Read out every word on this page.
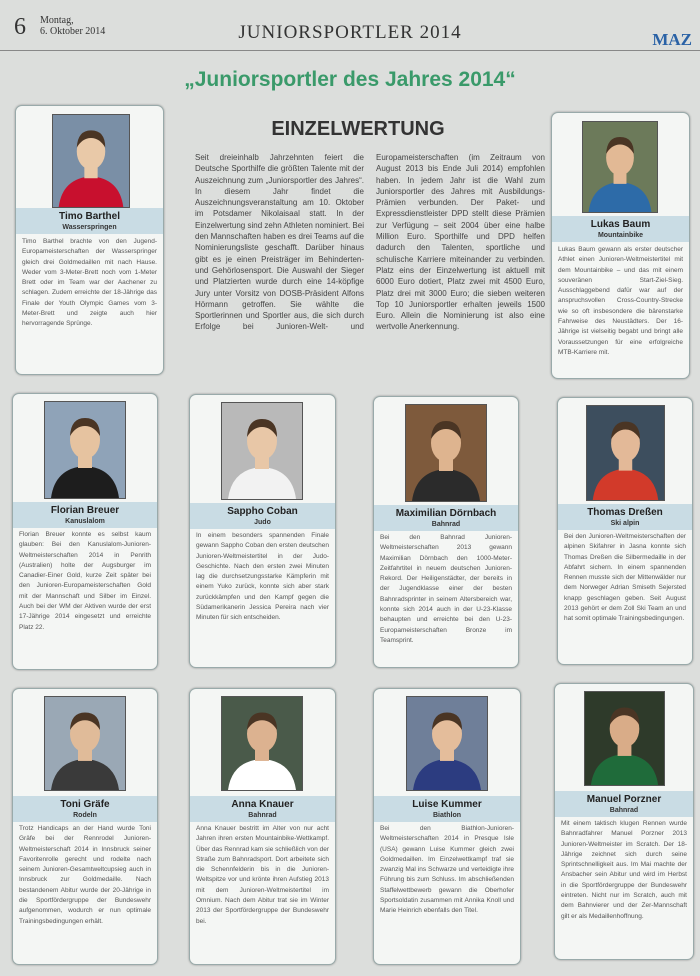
6 Montag,
6. Oktober 2014	JUNIORSPORTLER 2014	MAZ
„Juniorsportler des Jahres 2014“
EINZELWERTUNG

Seit dreieinhalb Jahrzehnten feiert die Deutsche Sporthilfe die größten Talente mit der Auszeichnung zum „Juniorsportler des Jahres“. In diesem Jahr findet die Auszeichnungsveranstaltung am 10. Oktober im Potsdamer Nikolaisaal statt. In der Einzelwertung sind zehn Athleten nominiert. Bei den Mannschaften haben es drei Teams auf die Nominierungsliste geschafft. Darüber hinaus gibt es je einen Preisträger im Behinderten- und Gehörlosensport. Die Auswahl der Sieger und Platzierten wurde durch eine 14-köpfige Jury unter Vorsitz von DOSB-Präsident Alfons Hörmann getroffen. Sie wählte die Sportlerinnen und Sportler aus, die sich durch Erfolge bei Junioren-Welt- und Europameisterschaften (im Zeitraum von August 2013 bis Ende Juli 2014) empfohlen haben. In jedem Jahr ist die Wahl zum Juniorsportler des Jahres mit Ausbildungs-Prämien verbunden. Der Paket- und Expressdienstleister DPD stellt diese Prämien zur Verfügung – seit 2004 über eine halbe Million Euro. Sporthilfe und DPD helfen dadurch den Talenten, sportliche und schulische Karriere miteinander zu verbinden. Platz eins der Einzelwertung ist aktuell mit 6000 Euro dotiert, Platz zwei mit 4500 Euro, Platz drei mit 3000 Euro; die sieben weiteren Top 10 Juniorsportler erhalten jeweils 1500 Euro. Allein die Nominierung ist also eine wertvolle Anerkennung.

Timo Barthel
Wasserspringen
Timo Barthel brachte von den Jugend-Europameisterschaften der Wasserspringer gleich drei Goldmedaillen mit nach Hause. Weder vom 3-Meter-Brett noch vom 1-Meter Brett oder im Team war der Aachener zu schlagen. Zudem erreichte der 18-Jährige das Finale der Youth Olympic Games vom 3-Meter-Brett und zeigte auch hier hervorragende Sprünge.
Lukas Baum
Mountainbike
Lukas Baum gewann als erster deutscher Athlet einen Junioren-Weltmeistertitel mit dem Mountainbike – und das mit einem souveränen Start-Ziel-Sieg. Ausschlaggebend dafür war auf der anspruchsvollen Cross-Country-Strecke wie so oft insbesondere die bärenstarke Fahrweise des Neustädters. Der 16-Jährige ist vielseitig begabt und bringt alle Voraussetzungen für eine erfolgreiche MTB-Karriere mit.
Florian Breuer
Kanuslalom
Florian Breuer konnte es selbst kaum glauben: Bei den Kanuslalom-Junioren-Weltmeisterschaften 2014 in Penrith (Australien) holte der Augsburger im Canadier-Einer Gold, kurze Zeit später bei den Junioren-Europameisterschaften Gold mit der Mannschaft und Silber im Einzel. Auch bei der WM der Aktiven wurde der erst 17-Jährige 2014 eingesetzt und erreichte Platz 22.
Sappho Coban
Judo
In einem besonders spannenden Finale gewann Sappho Coban den ersten deutschen Junioren-Weltmeistertitel in der Judo-Geschichte. Nach den ersten zwei Minuten lag die durchsetzungsstarke Kämpferin mit einem Yuko zurück, konnte sich aber stark zurückkämpfen und den Kampf gegen die Südamerikanerin Jessica Pereira nach vier Minuten für sich entscheiden.
Maximilian Dörnbach
Bahnrad
Bei den Bahnrad Junioren-Weltmeisterschaften 2013 gewann Maximilian Dörnbach den 1000-Meter-Zeitfahrtitel in neuem deutschen Junioren-Rekord. Der Heiligenstädter, der bereits in der Jugendklasse einer der besten Bahnradsprinter in seinem Altersbereich war, konnte sich 2014 auch in der U-23-Klasse behaupten und erreichte bei den U-23-Europameisterschaften Bronze im Teamsprint.
Thomas Dreßen
Ski alpin
Bei den Junioren-Weltmeisterschaften der alpinen Skifahrer in Jasna konnte sich Thomas Dreßen die Silbermedaille in der Abfahrt sichern. In einem spannenden Rennen musste sich der Mittenwälder nur dem Norweger Adrian Smiseth Sejersted knapp geschlagen geben. Seit August 2013 gehört er dem Zoll Ski Team an und hat somit optimale Trainingsbedingungen.
Toni Gräfe
Rodeln
Trotz Handicaps an der Hand wurde Toni Gräfe bei der Rennrodel Junioren-Weltmeisterschaft 2014 in Innsbruck seiner Favoritenrolle gerecht und rodelte nach seinem Junioren-Gesamtweltcupsieg auch in Innsbruck zur Goldmedaille. Nach bestandenem Abitur wurde der 20-Jährige in die Sportfördergruppe der Bundeswehr aufgenommen, wodurch er nun optimale Trainingsbedingungen erhält.
Anna Knauer
Bahnrad
Anna Knauer bestritt im Alter von nur acht Jahren ihren ersten Mountainbike-Wettkampf. Über das Rennrad kam sie schließlich von der Straße zum Bahnradsport. Dort arbeitete sich die Schennfelderin bis in die Junioren-Weltspitze vor und krönte ihren Aufstieg 2013 mit dem Junioren-Weltmeistertitel im Omnium. Nach dem Abitur trat sie im Winter 2013 der Sportfördergruppe der Bundeswehr bei.
Luise Kummer
Biathlon
Bei den Biathlon-Junioren-Weltmeisterschaften 2014 in Presque Isle (USA) gewann Luise Kummer gleich zwei Goldmedaillen. Im Einzelwettkampf traf sie zwanzig Mal ins Schwarze und verteidigte ihre Führung bis zum Schluss. Im abschließenden Staffelwettbewerb gewann die Oberhofer Sportsoldatin zusammen mit Annika Knoll und Marie Heinrich ebenfalls den Titel.
Manuel Porzner
Bahnrad
Mit einem taktisch klugen Rennen wurde Bahnradfahrer Manuel Porzner 2013 Junioren-Weltmeister im Scratch. Der 18-Jährige zeichnet sich durch seine Sprintschnelligkeit aus. Im Mai machte der Ansbacher sein Abitur und wird im Herbst in die Sportfördergruppe der Bundeswehr eintreten. Nicht nur im Scratch, auch mit dem Bahnvierer und der Zer-Mannschaft gilt er als Medaillenhoffnung.
